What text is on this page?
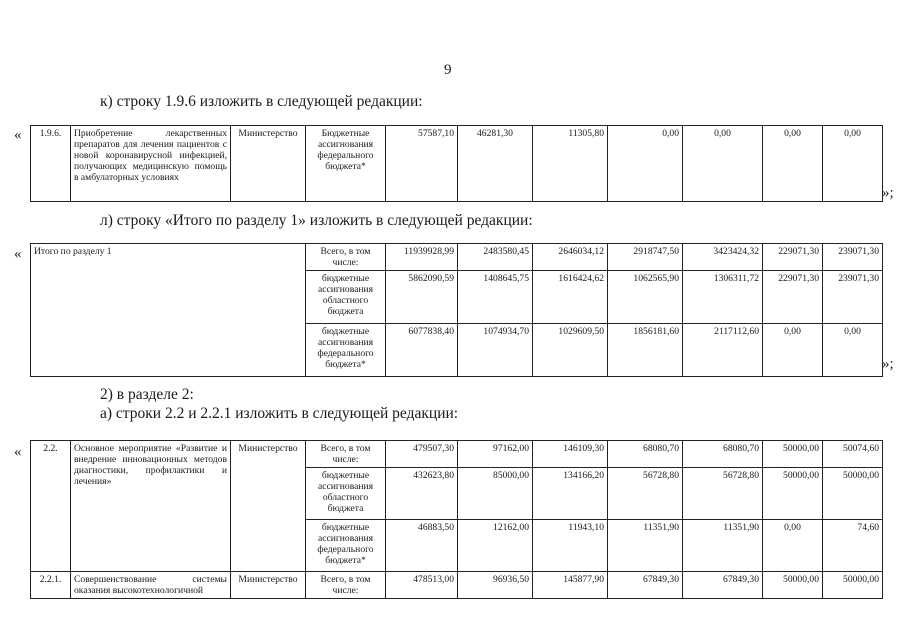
9
к) строку 1.9.6 изложить в следующей редакции:
« 1.9.6.	Приобретение лекарственных препаратов для лечения пациентов с новой коронавирусной инфекцией, получающих медицинскую помощь в амбулаторных условиях	Министерство	Бюджетные ассигнования федерального бюджета*	57587,10	46281,30	11305,80	0,00	0,00	0,00	0,00
»;
л) строку «Итого по разделу 1» изложить в следующей редакции:
« Итого по разделу 1	Всего, в том числе:	11939928,99	2483580,45	2646034,12	2918747,50	3423424,32	229071,30	239071,30
	бюджетные ассигнования областного бюджета	5862090,59	1408645,75	1616424,62	1062565,90	1306311,72	229071,30	239071,30
	бюджетные ассигнования федерального бюджета*	6077838,40	1074934,70	1029609,50	1856181,60	2117112,60	0,00	0,00
»;
2) в разделе 2:
а) строки 2.2 и 2.2.1 изложить в следующей редакции:
« 2.2.	Основное мероприятие «Развитие и внедрение инновационных методов диагностики, профилактики и лечения»	Министерство	Всего, в том числе:	479507,30	97162,00	146109,30	68080,70	68080,70	50000,00	50074,60
			бюджетные ассигнования областного бюджета	432623,80	85000,00	134166,20	56728,80	56728,80	50000,00	50000,00
			бюджетные ассигнования федерального бюджета*	46883,50	12162,00	11943,10	11351,90	11351,90	0,00	74,60
2.2.1.	Совершенствование системы оказания высокотехнологичной	Министерство	Всего, в том числе:	478513,00	96936,50	145877,90	67849,30	67849,30	50000,00	50000,00
